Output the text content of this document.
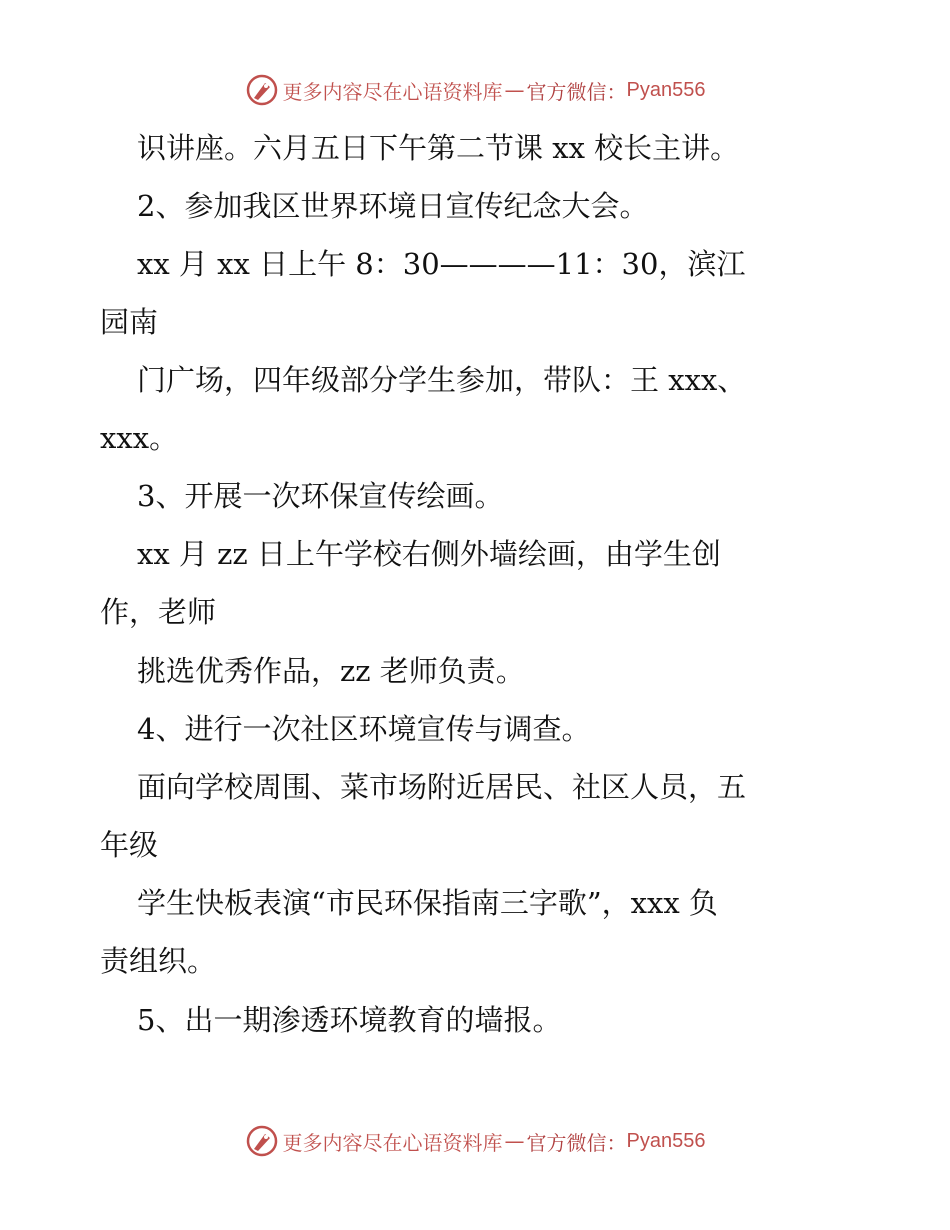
更多内容尽在心语资料库 — 官方微信： Pyan556
识讲座。六月五日下午第二节课 xx 校长主讲。
2、参加我区世界环境日宣传纪念大会。
xx 月 xx 日上午 8：30————11：30，滨江
园南
门广场，四年级部分学生参加，带队：王 xxx、
xxx。
3、开展一次环保宣传绘画。
xx 月 zz 日上午学校右侧外墙绘画，由学生创
作，老师
挑选优秀作品，zz 老师负责。
4、进行一次社区环境宣传与调查。
面向学校周围、菜市场附近居民、社区人员，五
年级
学生快板表演“市民环保指南三字歌”，xxx 负
责组织。
5、出一期渗透环境教育的墙报。
更多内容尽在心语资料库 — 官方微信： Pyan556
